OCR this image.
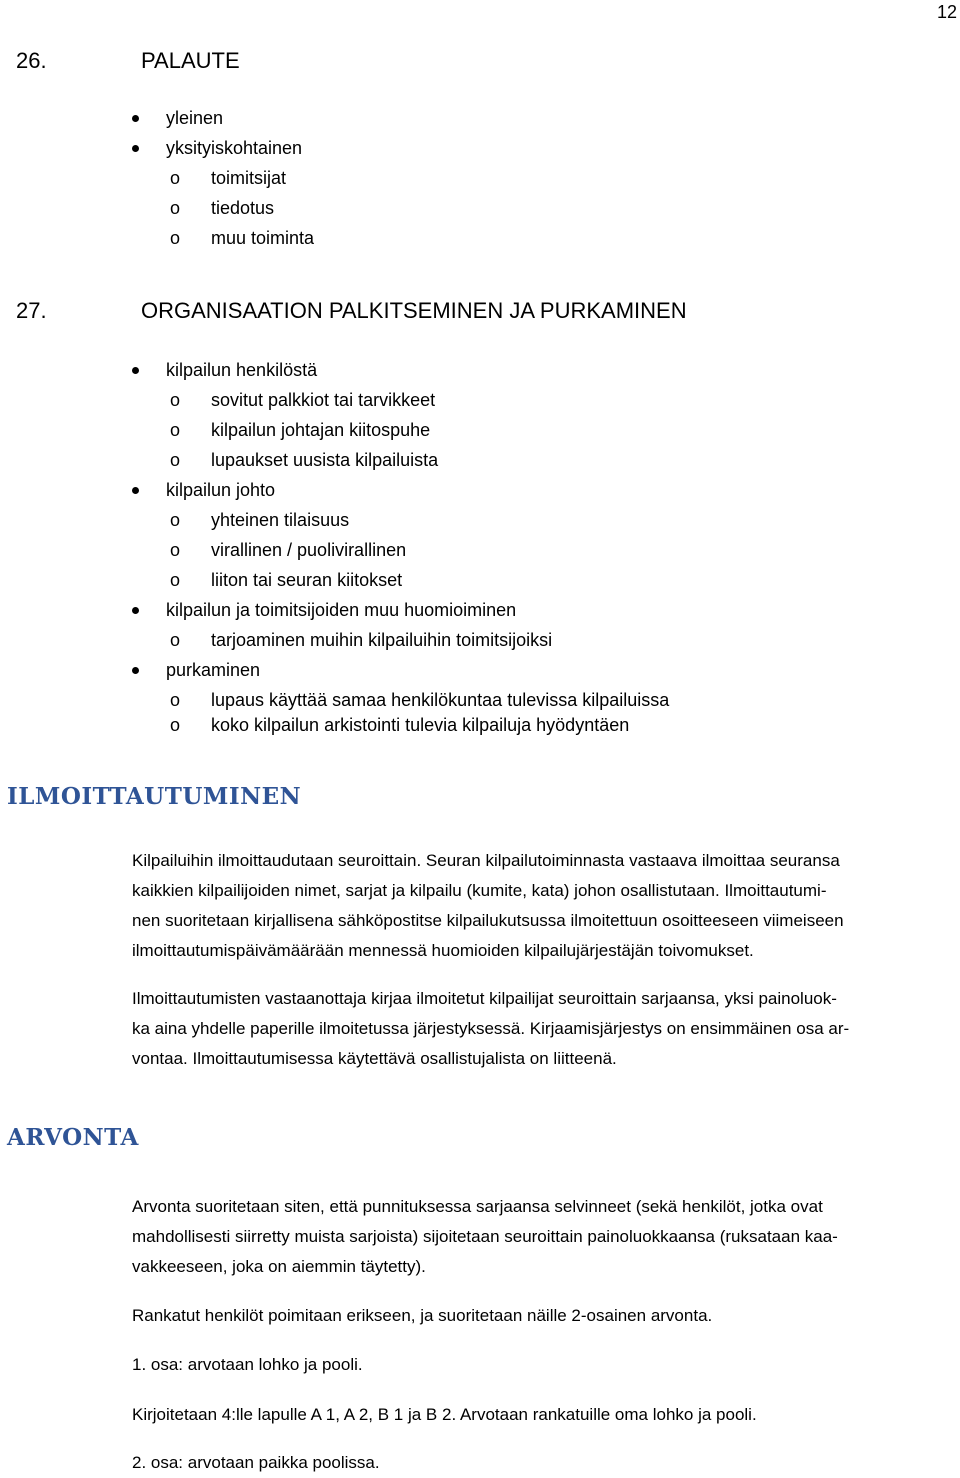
12
26.	PALAUTE
yleinen
yksityiskohtainen
o toimitsijat
o tiedotus
o muu toiminta
27.	ORGANISAATION PALKITSEMINEN JA PURKAMINEN
kilpailun henkilöstä
o sovitut palkkiot tai tarvikkeet
o kilpailun johtajan kiitospuhe
o lupaukset uusista kilpailuista
kilpailun johto
o yhteinen tilaisuus
o virallinen / puolivirallinen
o liiton tai seuran kiitokset
kilpailun ja toimitsijoiden muu huomioiminen
o tarjoaminen muihin kilpailuihin toimitsijoiksi
purkaminen
o lupaus käyttää samaa henkilökuntaa tulevissa kilpailuissa
o koko kilpailun arkistointi tulevia kilpailuja hyödyntäen
ILMOITTAUTUMINEN
Kilpailuihin ilmoittaudutaan seuroittain. Seuran kilpailutoiminnasta vastaava ilmoittaa seuransa
kaikkien kilpailijoiden nimet, sarjat ja kilpailu (kumite, kata) johon osallistutaan. Ilmoittautumi-
nen suoritetaan kirjallisena sähköpostitse kilpailukutsussa ilmoitettuun osoitteeseen viimeiseen
ilmoittautumispäivämäärään mennessä huomioiden kilpailujärjestäjän toivomukset.
Ilmoittautumisten vastaanottaja kirjaa ilmoitetut kilpailijat seuroittain sarjaansa, yksi painoluok-
ka aina yhdelle paperille ilmoitetussa järjestyksessä. Kirjaamisjärjestys on ensimmäinen osa ar-
vontaa. Ilmoittautumisessa käytettävä osallistujalista on liitteenä.
ARVONTA
Arvonta suoritetaan siten, että punnituksessa sarjaansa selvinneet (sekä henkilöt, jotka ovat
mahdollisesti siirretty muista sarjoista) sijoitetaan seuroittain painoluokkaansa (ruksataan kaa-
vakkeeseen, joka on aiemmin täytetty).
Rankatut henkilöt poimitaan erikseen, ja suoritetaan näille 2-osainen arvonta.
1. osa: arvotaan lohko ja pooli.
Kirjoitetaan 4:lle lapulle A 1, A 2, B 1 ja B 2. Arvotaan rankatuille oma lohko ja pooli.
2. osa: arvotaan paikka poolissa.
